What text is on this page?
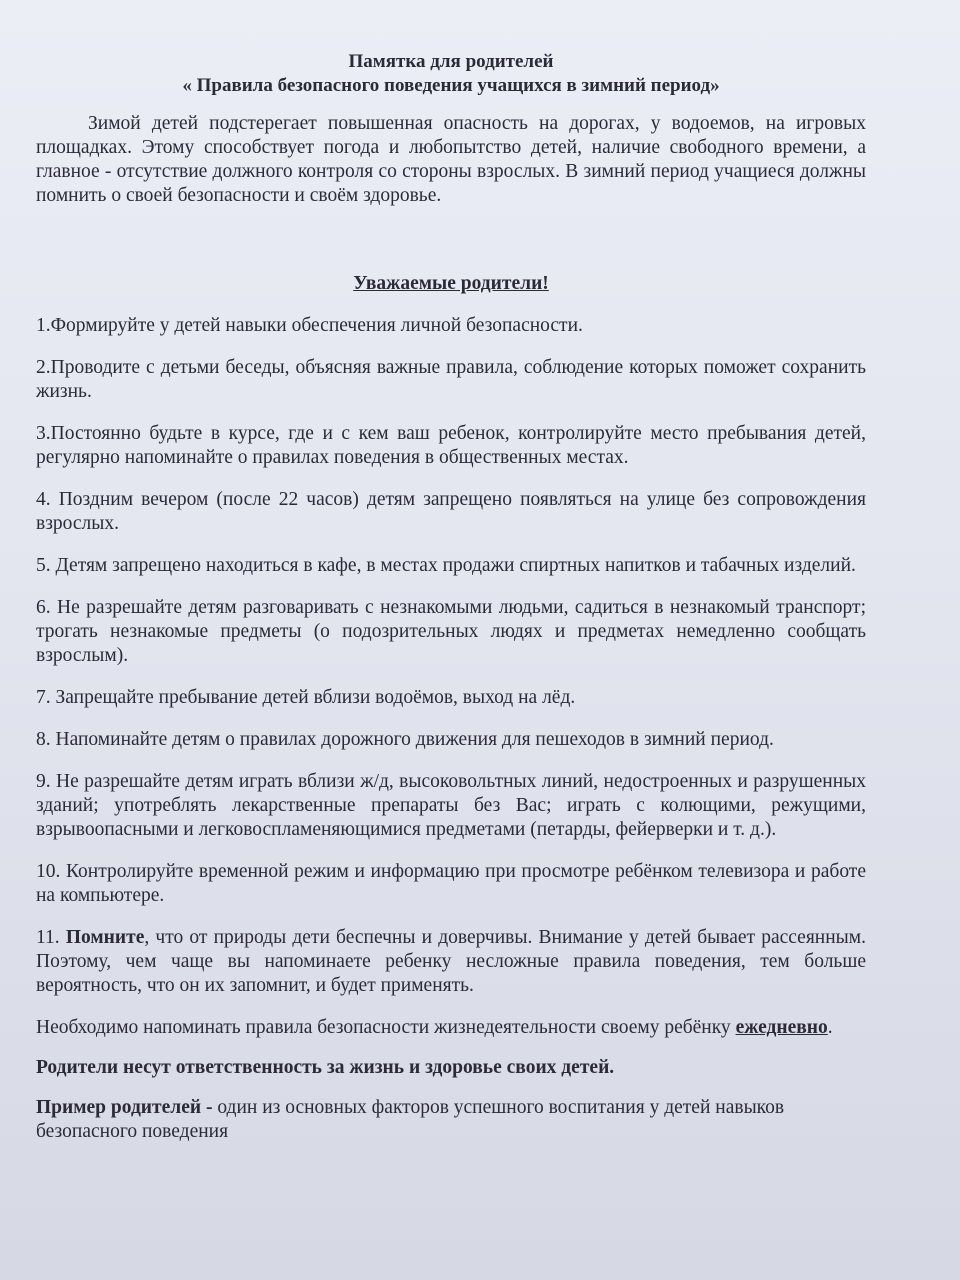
Памятка для родителей
« Правила безопасного поведения учащихся в зимний период»
Зимой детей подстерегает повышенная опасность на дорогах, у водоемов, на игровых площадках. Этому способствует погода и любопытство детей, наличие свободного времени, а главное - отсутствие должного контроля со стороны взрослых. В зимний период учащиеся должны помнить о своей безопасности и своём здоровье.
Уважаемые родители!
1.Формируйте у детей навыки обеспечения личной безопасности.
2.Проводите с детьми беседы, объясняя важные правила, соблюдение которых поможет сохранить жизнь.
3.Постоянно будьте в курсе, где и с кем ваш ребенок, контролируйте место пребывания детей, регулярно напоминайте о правилах поведения в общественных местах.
4. Поздним вечером (после 22 часов) детям запрещено появляться на улице без сопровождения взрослых.
5. Детям запрещено находиться в кафе, в местах продажи спиртных напитков и табачных изделий.
6. Не разрешайте детям разговаривать с незнакомыми людьми, садиться в незнакомый транспорт; трогать незнакомые предметы (о подозрительных людях и предметах немедленно сообщать взрослым).
7. Запрещайте пребывание детей вблизи водоёмов, выход на лёд.
8. Напоминайте детям о правилах дорожного движения для пешеходов в зимний период.
9. Не разрешайте детям играть вблизи ж/д, высоковольтных линий, недостроенных и разрушенных зданий; употреблять лекарственные препараты без Вас; играть с колющими, режущими, взрывоопасными и легковоспламеняющимися предметами (петарды, фейерверки и т. д.).
10. Контролируйте временной режим и информацию при просмотре ребёнком телевизора и работе на компьютере.
11. Помните, что от природы дети беспечны и доверчивы. Внимание у детей бывает рассеянным. Поэтому, чем чаще вы напоминаете ребенку несложные правила поведения, тем больше вероятность, что он их запомнит, и будет применять.
Необходимо напоминать правила безопасности жизнедеятельности своему ребёнку ежедневно.
Родители несут ответственность за жизнь и здоровье своих детей.
Пример родителей - один из основных факторов успешного воспитания у детей навыков безопасного поведения
